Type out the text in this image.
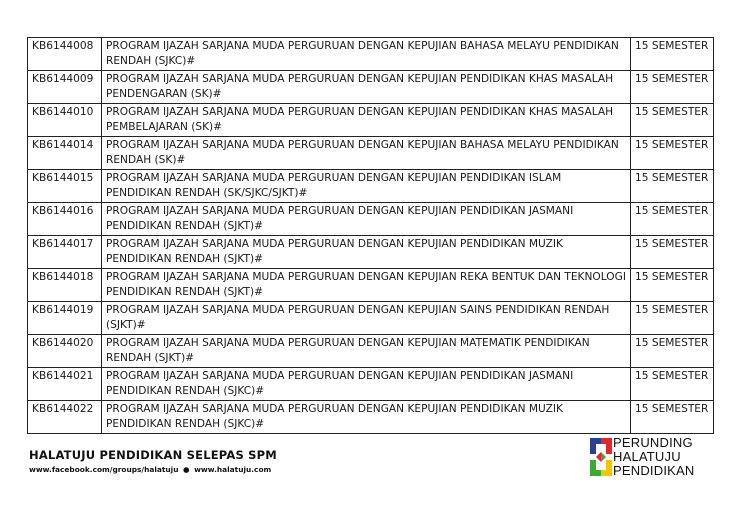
KB6144008	PROGRAM IJAZAH SARJANA MUDA PERGURUAN DENGAN KEPUJIAN BAHASA MELAYU PENDIDIKAN RENDAH (SJKC)#	15 SEMESTER
KB6144009	PROGRAM IJAZAH SARJANA MUDA PERGURUAN DENGAN KEPUJIAN PENDIDIKAN KHAS MASALAH PENDENGARAN (SK)#	15 SEMESTER
KB6144010	PROGRAM IJAZAH SARJANA MUDA PERGURUAN DENGAN KEPUJIAN PENDIDIKAN KHAS MASALAH PEMBELAJARAN (SK)#	15 SEMESTER
KB6144014	PROGRAM IJAZAH SARJANA MUDA PERGURUAN DENGAN KEPUJIAN BAHASA MELAYU PENDIDIKAN RENDAH (SK)#	15 SEMESTER
KB6144015	PROGRAM IJAZAH SARJANA MUDA PERGURUAN DENGAN KEPUJIAN PENDIDIKAN ISLAM PENDIDIKAN RENDAH (SK/SJKC/SJKT)#	15 SEMESTER
KB6144016	PROGRAM IJAZAH SARJANA MUDA PERGURUAN DENGAN KEPUJIAN PENDIDIKAN JASMANI PENDIDIKAN RENDAH (SJKT)#	15 SEMESTER
KB6144017	PROGRAM IJAZAH SARJANA MUDA PERGURUAN DENGAN KEPUJIAN PENDIDIKAN MUZIK PENDIDIKAN RENDAH (SJKT)#	15 SEMESTER
KB6144018	PROGRAM IJAZAH SARJANA MUDA PERGURUAN DENGAN KEPUJIAN REKA BENTUK DAN TEKNOLOGI PENDIDIKAN RENDAH (SJKT)#	15 SEMESTER
KB6144019	PROGRAM IJAZAH SARJANA MUDA PERGURUAN DENGAN KEPUJIAN SAINS PENDIDIKAN RENDAH (SJKT)#	15 SEMESTER
KB6144020	PROGRAM IJAZAH SARJANA MUDA PERGURUAN DENGAN KEPUJIAN MATEMATIK PENDIDIKAN RENDAH (SJKT)#	15 SEMESTER
KB6144021	PROGRAM IJAZAH SARJANA MUDA PERGURUAN DENGAN KEPUJIAN PENDIDIKAN JASMANI PENDIDIKAN RENDAH (SJKC)#	15 SEMESTER
KB6144022	PROGRAM IJAZAH SARJANA MUDA PERGURUAN DENGAN KEPUJIAN PENDIDIKAN MUZIK PENDIDIKAN RENDAH (SJKC)#	15 SEMESTER
HALATUJU PENDIDIKAN SELEPAS SPM
www.facebook.com/groups/halatuju ● www.halatuju.com
PERUNDING
HALATUJU
PENDIDIKAN
